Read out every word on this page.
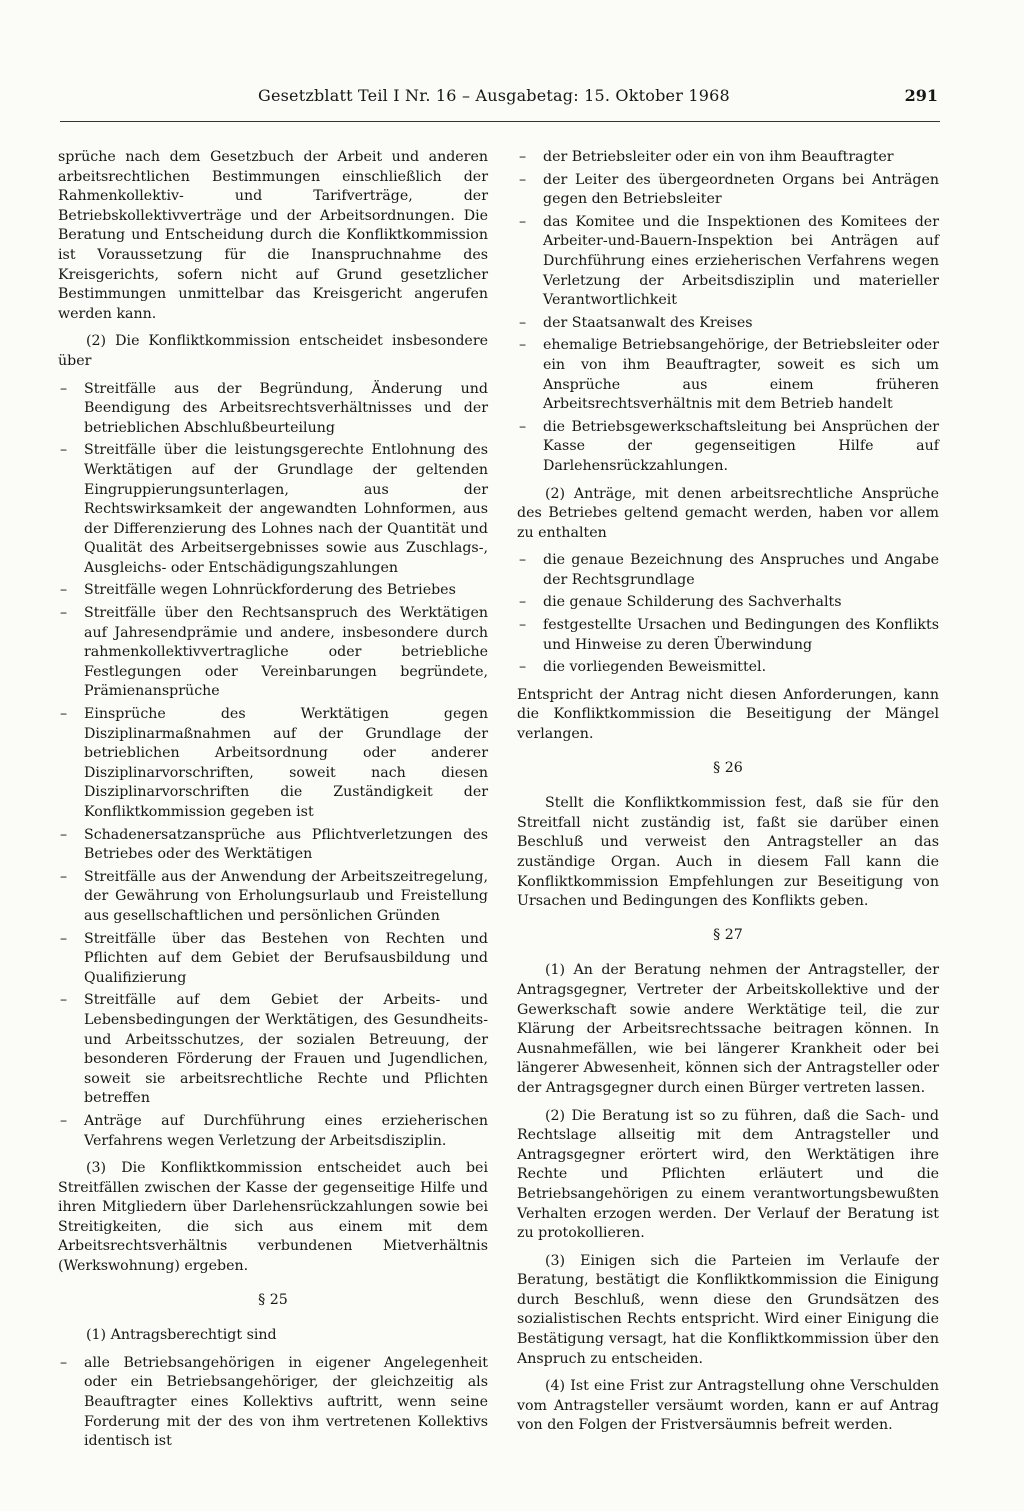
Gesetzblatt Teil I Nr. 16 – Ausgabetag: 15. Oktober 1968	291

sprüche nach dem Gesetzbuch der Arbeit und anderen arbeitsrechtlichen Bestimmungen einschließlich der Rahmenkollektiv- und Tarifverträge, der Betriebskollektivverträge und der Arbeitsordnungen. Die Beratung und Entscheidung durch die Konfliktkommission ist Voraussetzung für die Inanspruchnahme des Kreisgerichts, sofern nicht auf Grund gesetzlicher Bestimmungen unmittelbar das Kreisgericht angerufen werden kann.

(2) Die Konfliktkommission entscheidet insbesondere über

– Streitfälle aus der Begründung, Änderung und Beendigung des Arbeitsrechtsverhältnisses und der betrieblichen Abschlußbeurteilung
– Streitfälle über die leistungsgerechte Entlohnung des Werktätigen auf der Grundlage der geltenden Eingruppierungsunterlagen, aus der Rechtswirksamkeit der angewandten Lohnformen, aus der Differenzierung des Lohnes nach der Quantität und Qualität des Arbeitsergebnisses sowie aus Zuschlags-, Ausgleichs- oder Entschädigungszahlungen
– Streitfälle wegen Lohnrückforderung des Betriebes
– Streitfälle über den Rechtsanspruch des Werktätigen auf Jahresendprämie und andere, insbesondere durch rahmenkollektivvertragliche oder betriebliche Festlegungen oder Vereinbarungen begründete, Prämienansprüche
– Einsprüche des Werktätigen gegen Disziplinarmaßnahmen auf der Grundlage der betrieblichen Arbeitsordnung oder anderer Disziplinarvorschriften, soweit nach diesen Disziplinarvorschriften die Zuständigkeit der Konfliktkommission gegeben ist
– Schadenersatzansprüche aus Pflichtverletzungen des Betriebes oder des Werktätigen
– Streitfälle aus der Anwendung der Arbeitszeitregelung, der Gewährung von Erholungsurlaub und Freistellung aus gesellschaftlichen und persönlichen Gründen
– Streitfälle über das Bestehen von Rechten und Pflichten auf dem Gebiet der Berufsausbildung und Qualifizierung
– Streitfälle auf dem Gebiet der Arbeits- und Lebensbedingungen der Werktätigen, des Gesundheits- und Arbeitsschutzes, der sozialen Betreuung, der besonderen Förderung der Frauen und Jugendlichen, soweit sie arbeitsrechtliche Rechte und Pflichten betreffen
– Anträge auf Durchführung eines erzieherischen Verfahrens wegen Verletzung der Arbeitsdisziplin.

(3) Die Konfliktkommission entscheidet auch bei Streitfällen zwischen der Kasse der gegenseitige Hilfe und ihren Mitgliedern über Darlehensrückzahlungen sowie bei Streitigkeiten, die sich aus einem mit dem Arbeitsrechtsverhältnis verbundenen Mietverhältnis (Werkswohnung) ergeben.

§ 25

(1) Antragsberechtigt sind

– alle Betriebsangehörigen in eigener Angelegenheit oder ein Betriebsangehöriger, der gleichzeitig als Beauftragter eines Kollektivs auftritt, wenn seine Forderung mit der des von ihm vertretenen Kollektivs identisch ist
– der Betriebsleiter oder ein von ihm Beauftragter
– der Leiter des übergeordneten Organs bei Anträgen gegen den Betriebsleiter
– das Komitee und die Inspektionen des Komitees der Arbeiter-und-Bauern-Inspektion bei Anträgen auf Durchführung eines erzieherischen Verfahrens wegen Verletzung der Arbeitsdisziplin und materieller Verantwortlichkeit
– der Staatsanwalt des Kreises
– ehemalige Betriebsangehörige, der Betriebsleiter oder ein von ihm Beauftragter, soweit es sich um Ansprüche aus einem früheren Arbeitsrechtsverhältnis mit dem Betrieb handelt
– die Betriebsgewerkschaftsleitung bei Ansprüchen der Kasse der gegenseitigen Hilfe auf Darlehensrückzahlungen.

(2) Anträge, mit denen arbeitsrechtliche Ansprüche des Betriebes geltend gemacht werden, haben vor allem zu enthalten

– die genaue Bezeichnung des Anspruches und Angabe der Rechtsgrundlage
– die genaue Schilderung des Sachverhalts
– festgestellte Ursachen und Bedingungen des Konflikts und Hinweise zu deren Überwindung
– die vorliegenden Beweismittel.

Entspricht der Antrag nicht diesen Anforderungen, kann die Konfliktkommission die Beseitigung der Mängel verlangen.

§ 26

Stellt die Konfliktkommission fest, daß sie für den Streitfall nicht zuständig ist, faßt sie darüber einen Beschluß und verweist den Antragsteller an das zuständige Organ. Auch in diesem Fall kann die Konfliktkommission Empfehlungen zur Beseitigung von Ursachen und Bedingungen des Konflikts geben.

§ 27

(1) An der Beratung nehmen der Antragsteller, der Antragsgegner, Vertreter der Arbeitskollektive und der Gewerkschaft sowie andere Werktätige teil, die zur Klärung der Arbeitsrechtssache beitragen können. In Ausnahmefällen, wie bei längerer Krankheit oder bei längerer Abwesenheit, können sich der Antragsteller oder der Antragsgegner durch einen Bürger vertreten lassen.

(2) Die Beratung ist so zu führen, daß die Sach- und Rechtslage allseitig mit dem Antragsteller und Antragsgegner erörtert wird, den Werktätigen ihre Rechte und Pflichten erläutert und die Betriebsangehörigen zu einem verantwortungsbewußten Verhalten erzogen werden. Der Verlauf der Beratung ist zu protokollieren.

(3) Einigen sich die Parteien im Verlaufe der Beratung, bestätigt die Konfliktkommission die Einigung durch Beschluß, wenn diese den Grundsätzen des sozialistischen Rechts entspricht. Wird einer Einigung die Bestätigung versagt, hat die Konfliktkommission über den Anspruch zu entscheiden.

(4) Ist eine Frist zur Antragstellung ohne Verschulden vom Antragsteller versäumt worden, kann er auf Antrag von den Folgen der Fristversäumnis befreit werden.
